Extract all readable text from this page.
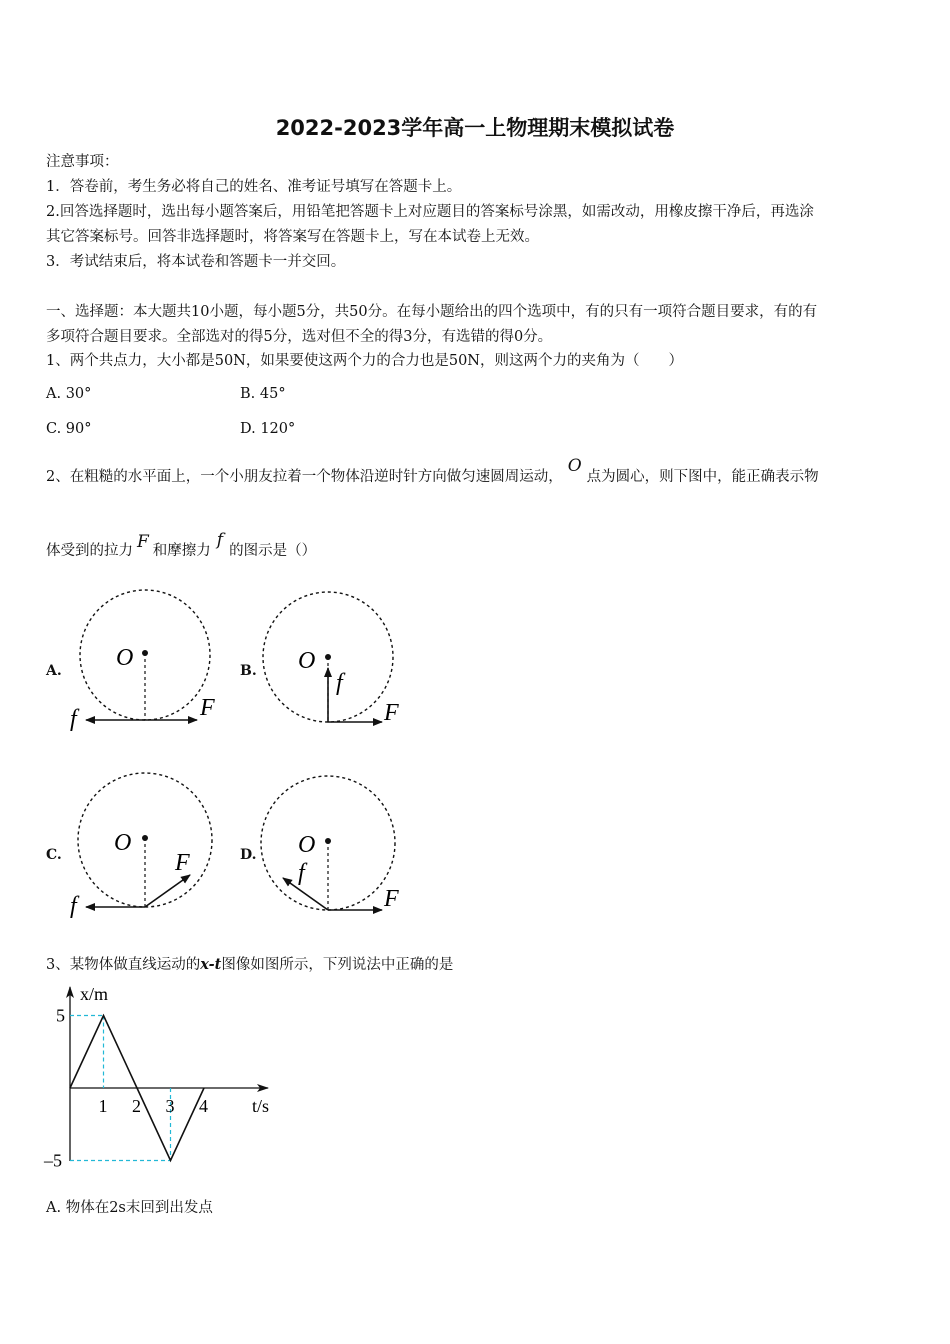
2022-2023学年高一上物理期末模拟试卷
注意事项：
1．答卷前，考生务必将自己的姓名、准考证号填写在答题卡上。
2.回答选择题时，选出每小题答案后，用铅笔把答题卡上对应题目的答案标号涂黑，如需改动，用橡皮擦干净后，再选涂
其它答案标号。回答非选择题时，将答案写在答题卡上，写在本试卷上无效。
3．考试结束后，将本试卷和答题卡一并交回。
一、选择题：本大题共10小题，每小题5分，共50分。在每小题给出的四个选项中，有的只有一项符合题目要求，有的有
多项符合题目要求。全部选对的得5分，选对但不全的得3分，有选错的得0分。
1、两个共点力，大小都是50N，如果要使这两个力的合力也是50N，则这两个力的夹角为（　　）
A. 30°	B. 45°
C. 90°	D. 120°
2、在粗糙的水平面上，一个小朋友拉着一个物体沿逆时针方向做匀速圆周运动，O点为圆心，则下图中，能正确表示物
体受到的拉力 F 和摩擦力f的图示是（）
A.	B.
C.	D.
O
F
f
O
F
f
O
F
f
O
F
f
3、某物体做直线运动的x-t图像如图所示，下列说法中正确的是
x/m
t/s
1 2 3 4
5
–5
A. 物体在2s末回到出发点
